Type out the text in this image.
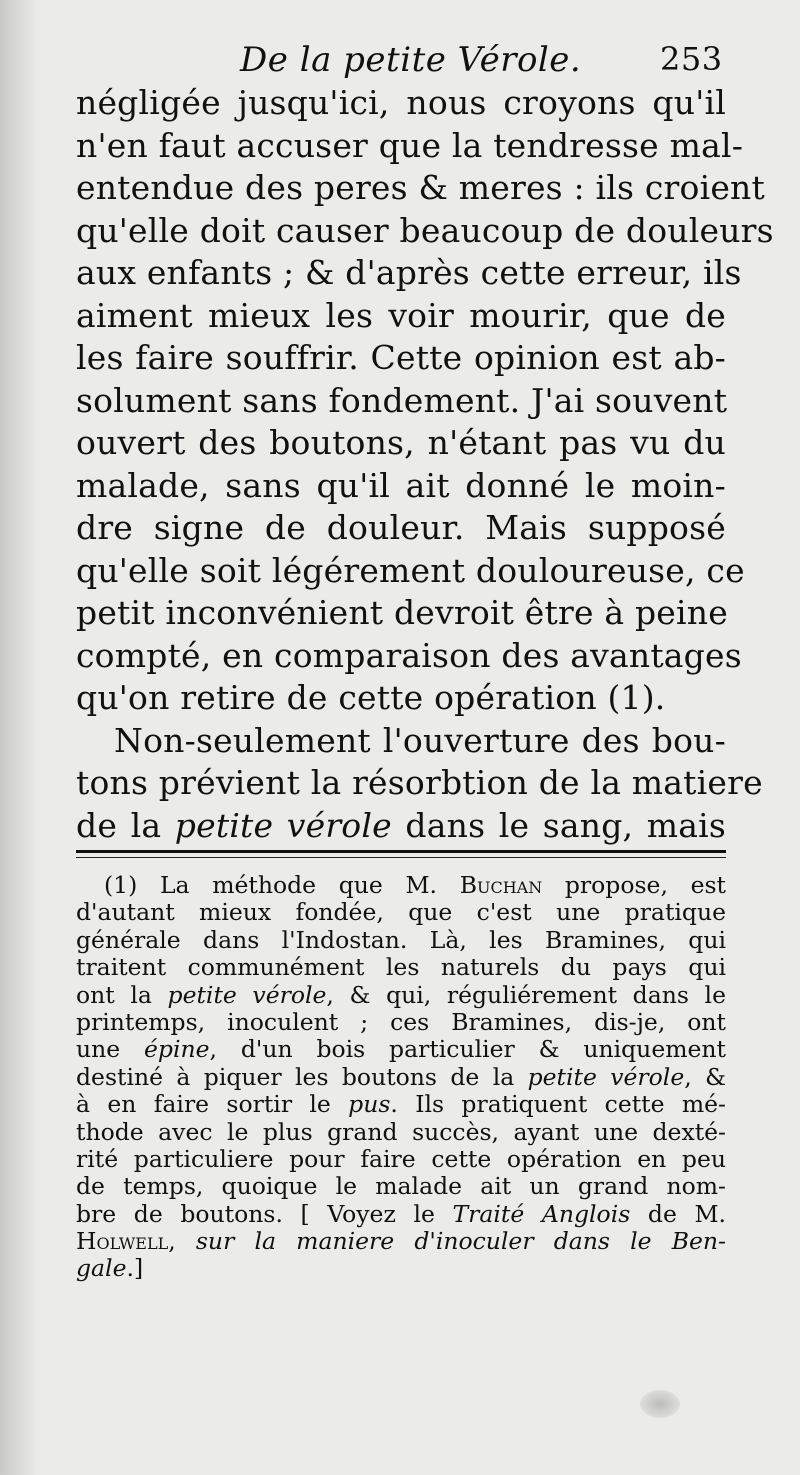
De la petite Vérole. 253
négligée jusqu'ici, nous croyons qu'il
n'en faut accuser que la tendresse mal-
entendue des peres & meres : ils croient
qu'elle doit causer beaucoup de douleurs
aux enfants ; & d'après cette erreur, ils
aiment mieux les voir mourir, que de
les faire souffrir. Cette opinion est ab-
solument sans fondement. J'ai souvent
ouvert des boutons, n'étant pas vu du
malade, sans qu'il ait donné le moin-
dre signe de douleur. Mais supposé
qu'elle soit légérement douloureuse, ce
petit inconvénient devroit être à peine
compté, en comparaison des avantages
qu'on retire de cette opération (1).
Non-seulement l'ouverture des bou-
tons prévient la résorbtion de la matiere
de la petite vérole dans le sang, mais
(1) La méthode que M. Buchan propose, est
d'autant mieux fondée, que c'est une pratique
générale dans l'Indostan. Là, les Bramines, qui
traitent communément les naturels du pays qui
ont la petite vérole, & qui, réguliérement dans le
printemps, inoculent ; ces Bramines, dis-je, ont
une épine, d'un bois particulier & uniquement
destiné à piquer les boutons de la petite vérole, &
à en faire sortir le pus. Ils pratiquent cette mé-
thode avec le plus grand succès, ayant une dexté-
rité particuliere pour faire cette opération en peu
de temps, quoique le malade ait un grand nom-
bre de boutons. [ Voyez le Traité Anglois de M.
Holwell, sur la maniere d'inoculer dans le Ben-
gale.]
